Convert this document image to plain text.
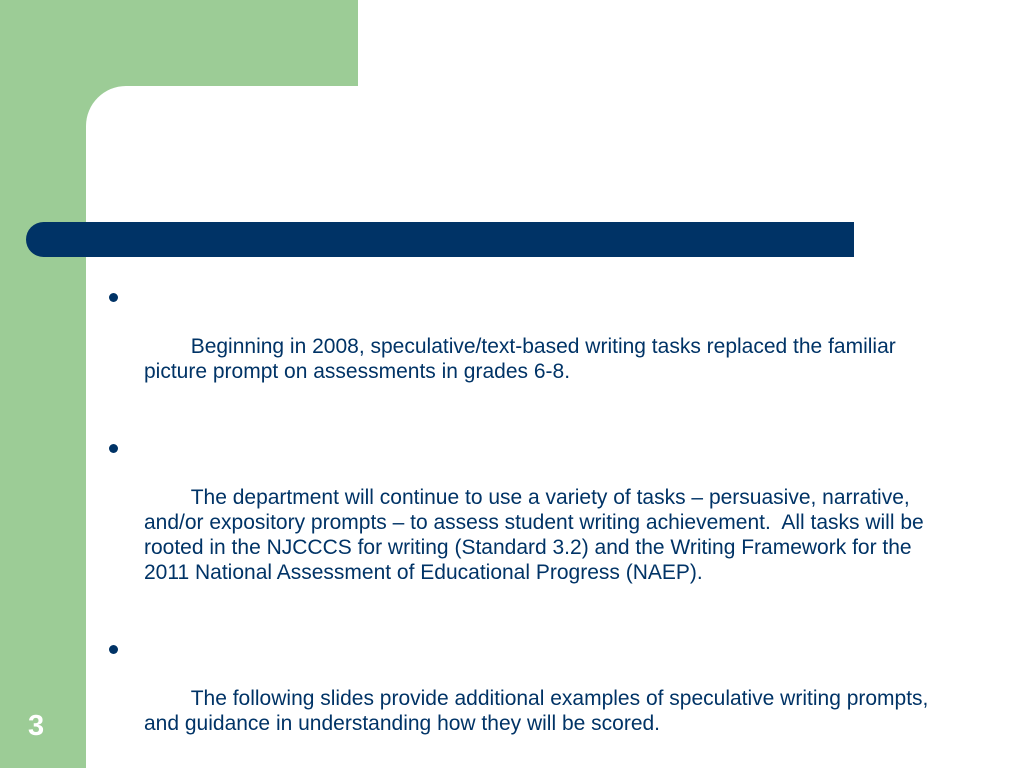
Beginning in 2008, speculative/text-based writing tasks replaced the familiar picture prompt on assessments in grades 6-8.

The department will continue to use a variety of tasks – persuasive, narrative, and/or expository prompts – to assess student writing achievement.  All tasks will be rooted in the NJCCCS for writing (Standard 3.2) and the Writing Framework for the 2011 National Assessment of Educational Progress (NAEP).

The following slides provide additional examples of speculative writing prompts, and guidance in understanding how they will be scored.

3
